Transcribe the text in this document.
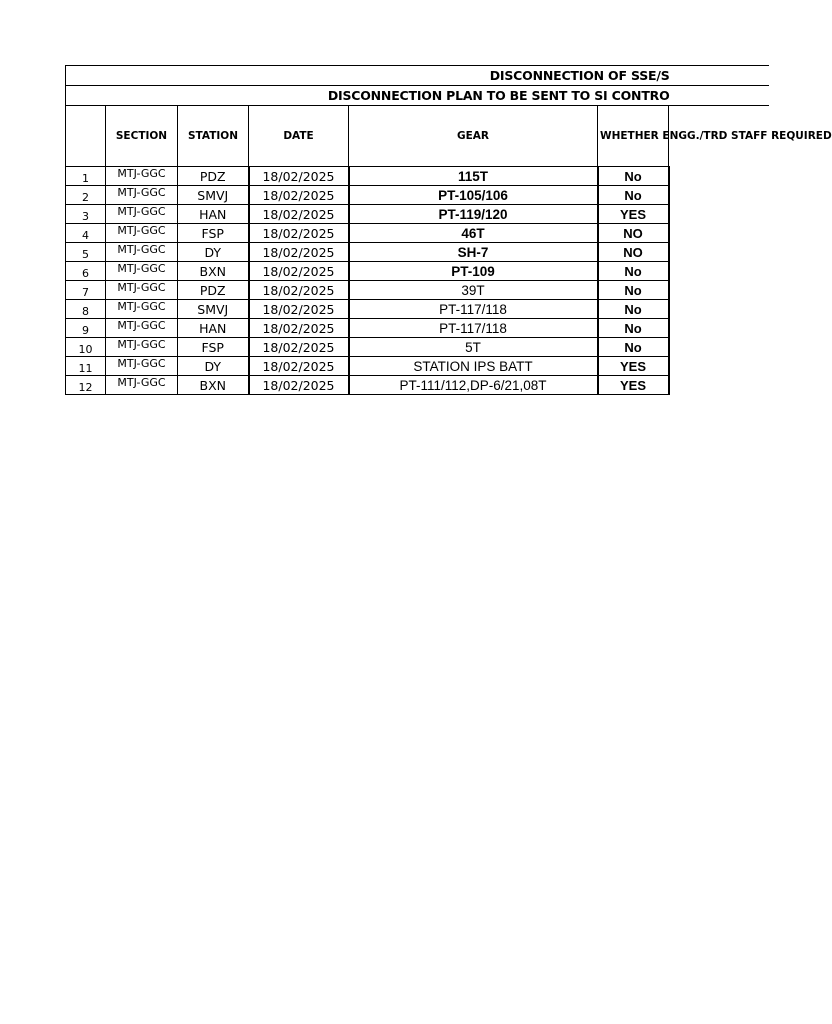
DISCONNECTION OF SSE/S						
DISCONNECTION PLAN TO BE SENT TO SI CONTRO						
	SECTION	STATION	DATE	GEAR	WHETHER ENGG./TRD STAFF REQUIRED	
1	MTJ-GGC	PDZ	18/02/2025	115T	No	
2	MTJ-GGC	SMVJ	18/02/2025	PT-105/106	No	
3	MTJ-GGC	HAN	18/02/2025	PT-119/120	YES	
4	MTJ-GGC	FSP	18/02/2025	46T	NO	
5	MTJ-GGC	DY	18/02/2025	SH-7	NO	
6	MTJ-GGC	BXN	18/02/2025	PT-109	No	
7	MTJ-GGC	PDZ	18/02/2025	39T	No	
8	MTJ-GGC	SMVJ	18/02/2025	PT-117/118	No	
9	MTJ-GGC	HAN	18/02/2025	PT-117/118	No	
10	MTJ-GGC	FSP	18/02/2025	5T	No	
11	MTJ-GGC	DY	18/02/2025	STATION IPS BATT	YES	
12	MTJ-GGC	BXN	18/02/2025	PT-111/112,DP-6/21,08T	YES	
